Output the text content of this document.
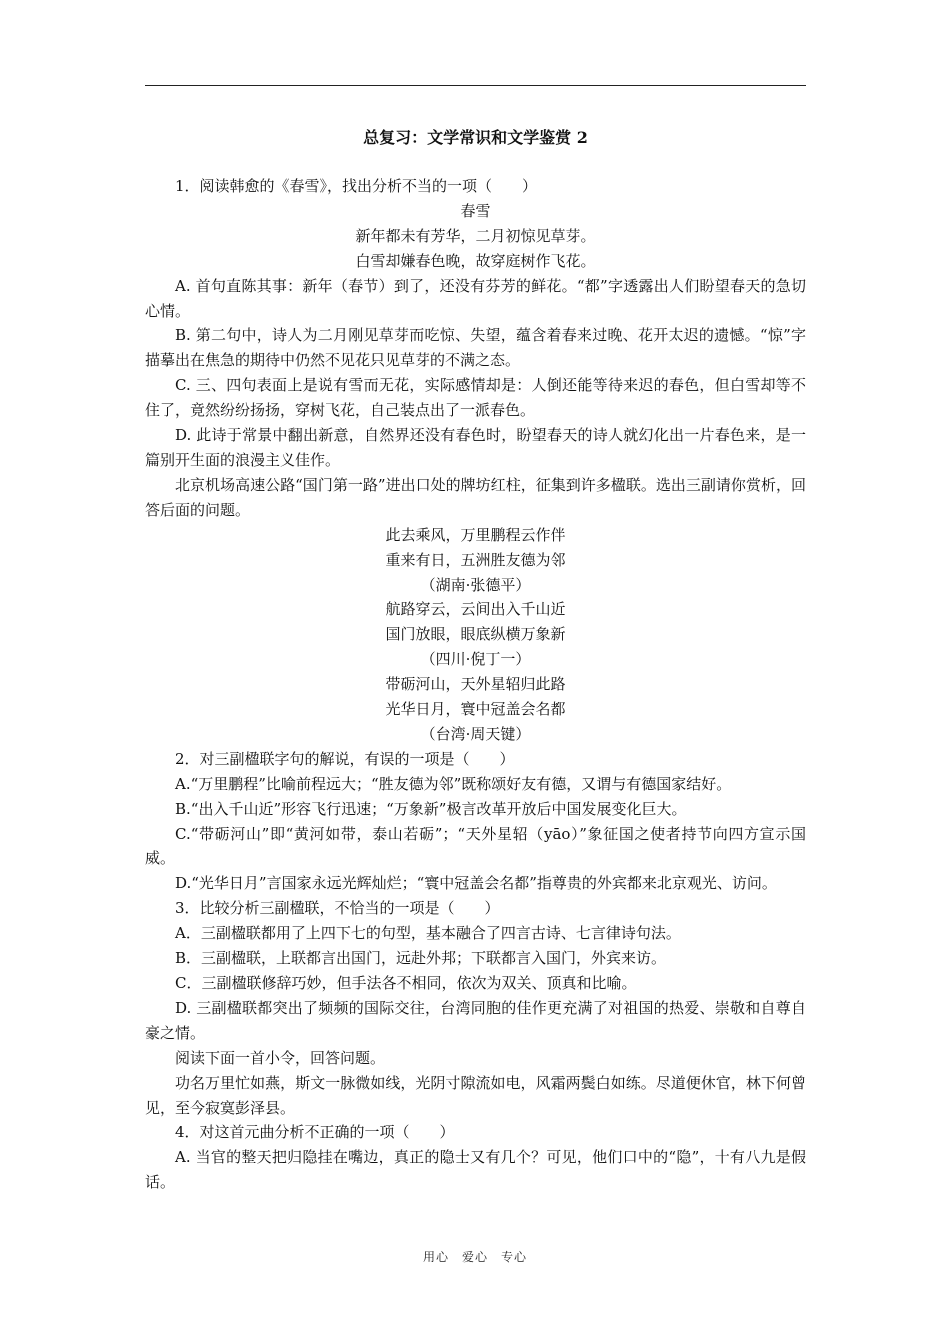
总复习：文学常识和文学鉴赏 2

1．阅读韩愈的《春雪》，找出分析不当的一项（　　）

春雪

新年都未有芳华，二月初惊见草芽。

白雪却嫌春色晚，故穿庭树作飞花。

A. 首句直陈其事：新年（春节）到了，还没有芬芳的鲜花。“都”字透露出人们盼望春天的急切心情。

B. 第二句中，诗人为二月刚见草芽而吃惊、失望，蕴含着春来过晚、花开太迟的遗憾。“惊”字描摹出在焦急的期待中仍然不见花只见草芽的不满之态。

C. 三、四句表面上是说有雪而无花，实际感情却是：人倒还能等待来迟的春色，但白雪却等不住了，竟然纷纷扬扬，穿树飞花，自己装点出了一派春色。

D. 此诗于常景中翻出新意，自然界还没有春色时，盼望春天的诗人就幻化出一片春色来，是一篇别开生面的浪漫主义佳作。

北京机场高速公路“国门第一路”进出口处的牌坊红柱，征集到许多楹联。选出三副请你赏析，回答后面的问题。

此去乘风，万里鹏程云作伴

重来有日，五洲胜友德为邻

（湖南·张德平）

航路穿云，云间出入千山近

国门放眼，眼底纵横万象新

（四川·倪丁一）

带砺河山，天外星轺归此路

光华日月，寰中冠盖会名都

（台湾·周天键）

2．对三副楹联字句的解说，有误的一项是（　　）

A.“万里鹏程”比喻前程远大；“胜友德为邻”既称颂好友有德，又谓与有德国家结好。

B.“出入千山近”形容飞行迅速；“万象新”极言改革开放后中国发展变化巨大。

C.“带砺河山”即“黄河如带，泰山若砺”；“天外星轺（yāo）”象征国之使者持节向四方宣示国威。

D.“光华日月”言国家永远光辉灿烂；“寰中冠盖会名都”指尊贵的外宾都来北京观光、访问。

3．比较分析三副楹联，不恰当的一项是（　　）

A．三副楹联都用了上四下七的句型，基本融合了四言古诗、七言律诗句法。

B．三副楹联，上联都言出国门，远赴外邦；下联都言入国门，外宾来访。

C．三副楹联修辞巧妙，但手法各不相同，依次为双关、顶真和比喻。

D. 三副楹联都突出了频频的国际交往，台湾同胞的佳作更充满了对祖国的热爱、崇敬和自尊自豪之情。

阅读下面一首小令，回答问题。

功名万里忙如燕，斯文一脉微如线，光阴寸隙流如电，风霜两鬓白如练。尽道便休官，林下何曾见，至今寂寞彭泽县。

4．对这首元曲分析不正确的一项（　　）

A. 当官的整天把归隐挂在嘴边，真正的隐士又有几个？可见，他们口中的“隐”，十有八九是假话。

用心　爱心　专心
